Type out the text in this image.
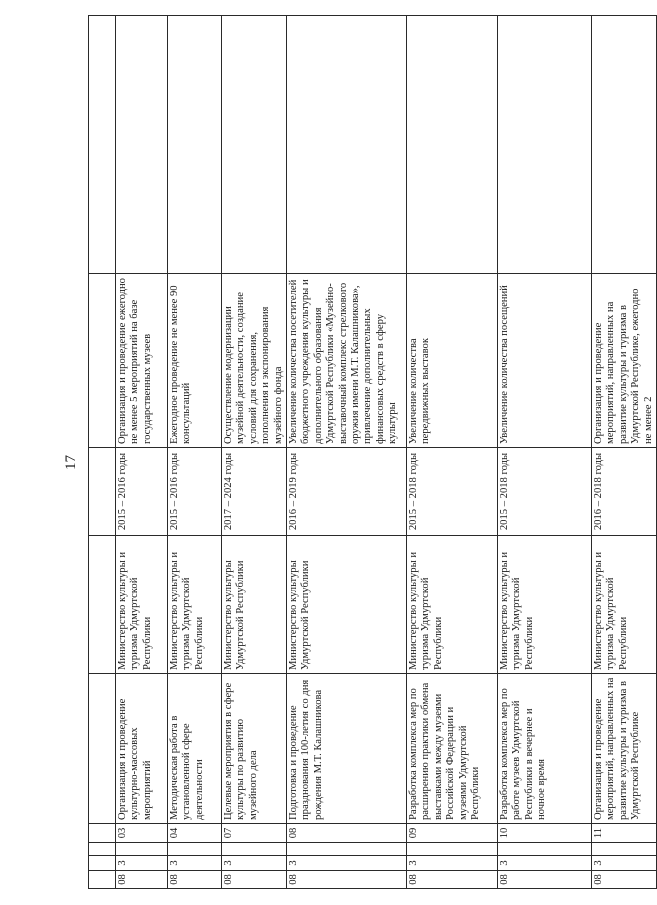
17

08	3		03	Организация и проведение культурно-массовых мероприятий	Министерство культуры и туризма Удмуртской Республики	2015 – 2016 годы	Организация и проведение ежегодно не менее 5 мероприятий на базе государственных музеев	
08	3		04	Методическая работа в установленной сфере деятельности	Министерство культуры и туризма Удмуртской Республики	2015 – 2016 годы	Ежегодное проведение не менее 90 консультаций	
08	3		07	Целевые мероприятия в сфере культуры по развитию музейного дела	Министерство культуры Удмуртской Республики	2017 – 2024 годы	Осуществление модернизации музейной деятельности, создание условий для сохранения, пополнения и экспонирования музейного фонда	
08	3		08	Подготовка и проведение празднования 100-летия со дня рождения М.Т. Калашникова	Министерство культуры Удмуртской Республики	2016 – 2019 годы	Увеличение количества посетителей бюджетного учреждения культуры и дополнительного образования Удмуртской Республики «Музейно-выставочный комплекс стрелкового оружия имени М.Т. Калашникова», привлечение дополнительных финансовых средств в сферу культуры	
08	3		09	Разработка комплекса мер по расширению практики обмена выставками между музеями Российской Федерации и музеями Удмуртской Республики	Министерство культуры и туризма Удмуртской Республики	2015 – 2018 годы	Увеличение количества передвижных выставок	
08	3		10	Разработка комплекса мер по работе музеев Удмуртской Республики в вечернее и ночное время	Министерство культуры и туризма Удмуртской Республики	2015 – 2018 годы	Увеличение количества посещений	
08	3		11	Организация и проведение мероприятий, направленных на развитие культуры и туризма в Удмуртской Республике	Министерство культуры и туризма Удмуртской Республики	2016 – 2018 годы	Организация и проведение мероприятий, направленных на развитие культуры и туризма в Удмуртской Республике, ежегодно не менее 2	
